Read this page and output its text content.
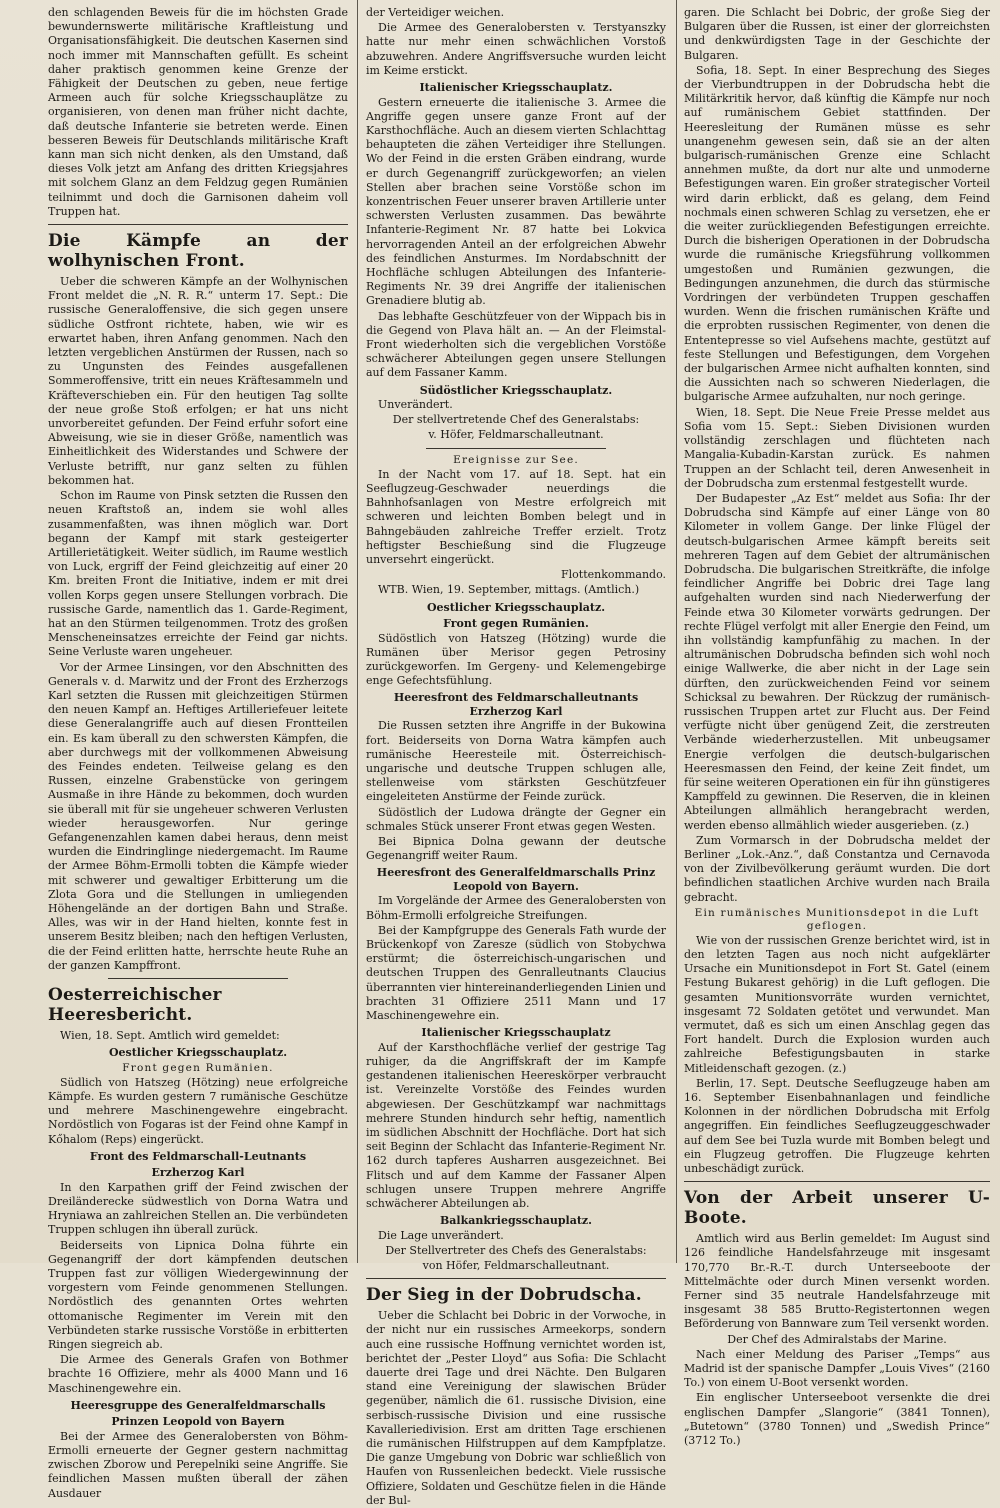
den schlagenden Beweis für die im höchsten Grade bewundernswerte militärische Kraftleistung und Organisationsfähigkeit. Die deutschen Kasernen sind noch immer mit Mannschaften gefüllt. Es scheint daher praktisch genommen keine Grenze der Fähigkeit der Deutschen zu geben, neue fertige Armeen auch für solche Kriegsschauplätze zu organisieren, von denen man früher nicht dachte, daß deutsche Infanterie sie betreten werde. Einen besseren Beweis für Deutschlands militärische Kraft kann man sich nicht denken, als den Umstand, daß dieses Volk jetzt am Anfang des dritten Kriegsjahres mit solchem Glanz an dem Feldzug gegen Rumänien teilnimmt und doch die Garnisonen daheim voll Truppen hat.

Die Kämpfe an der wolhynischen Front.

Ueber die schweren Kämpfe an der Wolhynischen Front meldet die „N. R. R.“ unterm 17. Sept.: Die russische Generaloffensive, die sich gegen unsere südliche Ostfront richtete, haben, wie wir es erwartet haben, ihren Anfang genommen. Nach den letzten vergeblichen Anstürmen der Russen, nach so zu Ungunsten des Feindes ausgefallenen Sommeroffensive, tritt ein neues Kräftesammeln und Kräfteverschieben ein. Für den heutigen Tag sollte der neue große Stoß erfolgen; er hat uns nicht unvorbereitet gefunden. Der Feind erfuhr sofort eine Abweisung, wie sie in dieser Größe, namentlich was Einheitlichkeit des Widerstandes und Schwere der Verluste betrifft, nur ganz selten zu fühlen bekommen hat.

Schon im Raume von Pinsk setzten die Russen den neuen Kraftstoß an, indem sie wohl alles zusammenfaßten, was ihnen möglich war. Dort begann der Kampf mit stark gesteigerter Artillerietätigkeit. Weiter südlich, im Raume westlich von Luck, ergriff der Feind gleichzeitig auf einer 20 Km. breiten Front die Initiative, indem er mit drei vollen Korps gegen unsere Stellungen vorbrach. Die russische Garde, namentlich das 1. Garde-Regiment, hat an den Stürmen teilgenommen. Trotz des großen Menscheneinsatzes erreichte der Feind gar nichts. Seine Verluste waren ungeheuer.

Vor der Armee Linsingen, vor den Abschnitten des Generals v. d. Marwitz und der Front des Erzherzogs Karl setzten die Russen mit gleichzeitigen Stürmen den neuen Kampf an. Heftiges Artilleriefeuer leitete diese Generalangriffe auch auf diesen Frontteilen ein. Es kam überall zu den schwersten Kämpfen, die aber durchwegs mit der vollkommenen Abweisung des Feindes endeten. Teilweise gelang es den Russen, einzelne Grabenstücke von geringem Ausmaße in ihre Hände zu bekommen, doch wurden sie überall mit für sie ungeheuer schweren Verlusten wieder herausgeworfen. Nur geringe Gefangenenzahlen kamen dabei heraus, denn meist wurden die Eindringlinge niedergemacht. Im Raume der Armee Böhm-Ermolli tobten die Kämpfe wieder mit schwerer und gewaltiger Erbitterung um die Zlota Gora und die Stellungen in umliegenden Höhengelände an der dortigen Bahn und Straße. Alles, was wir in der Hand hielten, konnte fest in unserem Besitz bleiben; nach den heftigen Verlusten, die der Feind erlitten hatte, herrschte heute Ruhe an der ganzen Kampffront.

Oesterreichischer Heeresbericht.

Wien, 18. Sept. Amtlich wird gemeldet:

Oestlicher Kriegsschauplatz.
Front gegen Rumänien.

Südlich von Hatszeg (Hötzing) neue erfolgreiche Kämpfe. Es wurden gestern 7 rumänische Geschütze und mehrere Maschinengewehre eingebracht. Nordöstlich von Fogaras ist der Feind ohne Kampf in Kőhalom (Reps) eingerückt.

Front des Feldmarschall-Leutnants
Erzherzog Karl

In den Karpathen griff der Feind zwischen der Dreiländerecke südwestlich von Dorna Watra und Hryniawa an zahlreichen Stellen an. Die verbündeten Truppen schlugen ihn überall zurück.

Beiderseits von Lipnica Dolna führte ein Gegenangriff der dort kämpfenden deutschen Truppen fast zur völligen Wiedergewinnung der vorgestern vom Feinde genommenen Stellungen. Nordöstlich des genannten Ortes wehrten ottomanische Regimenter im Verein mit den Verbündeten starke russische Vorstöße in erbitterten Ringen siegreich ab.

Die Armee des Generals Grafen von Bothmer brachte 16 Offiziere, mehr als 4000 Mann und 16 Maschinengewehre ein.

Heeresgruppe des Generalfeldmarschalls
Prinzen Leopold von Bayern

Bei der Armee des Generalobersten von Böhm-Ermolli erneuerte der Gegner gestern nachmittag zwischen Zborow und Perepelniki seine Angriffe. Sie feindlichen Massen mußten überall der zähen Ausdauer

der Verteidiger weichen.

Die Armee des Generalobersten v. Terstyanszky hatte nur mehr einen schwächlichen Vorstoß abzuwehren. Andere Angriffsversuche wurden leicht im Keime erstickt.

Italienischer Kriegsschauplatz.

Gestern erneuerte die italienische 3. Armee die Angriffe gegen unsere ganze Front auf der Karsthochfläche. Auch an diesem vierten Schlachttag behaupteten die zähen Verteidiger ihre Stellungen. Wo der Feind in die ersten Gräben eindrang, wurde er durch Gegenangriff zurückgeworfen; an vielen Stellen aber brachen seine Vorstöße schon im konzentrischen Feuer unserer braven Artillerie unter schwersten Verlusten zusammen. Das bewährte Infanterie-Regiment Nr. 87 hatte bei Lokvica hervorragenden Anteil an der erfolgreichen Abwehr des feindlichen Ansturmes. Im Nordabschnitt der Hochfläche schlugen Abteilungen des Infanterie-Regiments Nr. 39 drei Angriffe der italienischen Grenadiere blutig ab.

Das lebhafte Geschützfeuer von der Wippach bis in die Gegend von Plava hält an. — An der Fleimstal-Front wiederholten sich die vergeblichen Vorstöße schwächerer Abteilungen gegen unsere Stellungen auf dem Fassaner Kamm.

Südöstlicher Kriegsschauplatz.

Unverändert.

Der stellvertretende Chef des Generalstabs:

v. Höfer, Feldmarschalleutnant.

Ereignisse zur See.

In der Nacht vom 17. auf 18. Sept. hat ein Seeflugzeug-Geschwader neuerdings die Bahnhofsanlagen von Mestre erfolgreich mit schweren und leichten Bomben belegt und in Bahngebäuden zahlreiche Treffer erzielt. Trotz heftigster Beschießung sind die Flugzeuge unversehrt eingerückt.

Flottenkommando.

WTB. Wien, 19. September, mittags. (Amtlich.)

Oestlicher Kriegsschauplatz.
Front gegen Rumänien.

Südöstlich von Hatszeg (Hötzing) wurde die Rumänen über Merisor gegen Petrosiny zurückgeworfen. Im Gergeny- und Kelemengebirge enge Gefechtsfühlung.

Heeresfront des Feldmarschalleutnants Erzherzog Karl

Die Russen setzten ihre Angriffe in der Bukowina fort. Beiderseits von Dorna Watra kämpfen auch rumänische Heeresteile mit. Österreichisch-ungarische und deutsche Truppen schlugen alle, stellenweise vom stärksten Geschützfeuer eingeleiteten Anstürme der Feinde zurück.

Südöstlich der Ludowa drängte der Gegner ein schmales Stück unserer Front etwas gegen Westen.

Bei Bipnica Dolna gewann der deutsche Gegenangriff weiter Raum.

Heeresfront des Generalfeldmarschalls Prinz Leopold von Bayern.

Im Vorgelände der Armee des Generalobersten von Böhm-Ermolli erfolgreiche Streifungen.

Bei der Kampfgruppe des Generals Fath wurde der Brückenkopf von Zaresze (südlich von Stobychwa erstürmt; die österreichisch-ungarischen und deutschen Truppen des Genralleutnants Claucius überrannten vier hintereinanderliegenden Linien und brachten 31 Offiziere 2511 Mann und 17 Maschinengewehre ein.

Italienischer Kriegsschauplatz

Auf der Karsthochfläche verlief der gestrige Tag ruhiger, da die Angriffskraft der im Kampfe gestandenen italienischen Heereskörper verbraucht ist. Vereinzelte Vorstöße des Feindes wurden abgewiesen. Der Geschützkampf war nachmittags mehrere Stunden hindurch sehr heftig, namentlich im südlichen Abschnitt der Hochfläche. Dort hat sich seit Beginn der Schlacht das Infanterie-Regiment Nr. 162 durch tapferes Ausharren ausgezeichnet. Bei Flitsch und auf dem Kamme der Fassaner Alpen schlugen unsere Truppen mehrere Angriffe schwächerer Abteilungen ab.

Balkankriegsschauplatz.

Die Lage unverändert.

Der Stellvertreter des Chefs des Generalstabs:

von Höfer, Feldmarschalleutnant.

Der Sieg in der Dobrudscha.

Ueber die Schlacht bei Dobric in der Vorwoche, in der nicht nur ein russisches Armeekorps, sondern auch eine russische Hoffnung vernichtet worden ist, berichtet der „Pester Lloyd“ aus Sofia: Die Schlacht dauerte drei Tage und drei Nächte. Den Bulgaren stand eine Vereinigung der slawischen Brüder gegenüber, nämlich die 61. russische Division, eine serbisch-russische Division und eine russische Kavalleriedivision. Erst am dritten Tage erschienen die rumänischen Hilfstruppen auf dem Kampfplatze. Die ganze Umgebung von Dobric war schließlich von Haufen von Russenleichen bedeckt. Viele russische Offiziere, Soldaten und Geschütze fielen in die Hände der Bul-

garen. Die Schlacht bei Dobric, der große Sieg der Bulgaren über die Russen, ist einer der glorreichsten und denkwürdigsten Tage in der Geschichte der Bulgaren.

Sofia, 18. Sept. In einer Besprechung des Sieges der Vierbundtruppen in der Dobrudscha hebt die Militärkritik hervor, daß künftig die Kämpfe nur noch auf rumänischem Gebiet stattfinden. Der Heeresleitung der Rumänen müsse es sehr unangenehm gewesen sein, daß sie an der alten bulgarisch-rumänischen Grenze eine Schlacht annehmen mußte, da dort nur alte und unmoderne Befestigungen waren. Ein großer strategischer Vorteil wird darin erblickt, daß es gelang, dem Feind nochmals einen schweren Schlag zu versetzen, ehe er die weiter zurückliegenden Befestigungen erreichte. Durch die bisherigen Operationen in der Dobrudscha wurde die rumänische Kriegsführung vollkommen umgestoßen und Rumänien gezwungen, die Bedingungen anzunehmen, die durch das stürmische Vordringen der verbündeten Truppen geschaffen wurden. Wenn die frischen rumänischen Kräfte und die erprobten russischen Regimenter, von denen die Ententepresse so viel Aufsehens machte, gestützt auf feste Stellungen und Befestigungen, dem Vorgehen der bulgarischen Armee nicht aufhalten konnten, sind die Aussichten nach so schweren Niederlagen, die bulgarische Armee aufzuhalten, nur noch geringe.

Wien, 18. Sept. Die Neue Freie Presse meldet aus Sofia vom 15. Sept.: Sieben Divisionen wurden vollständig zerschlagen und flüchteten nach Mangalia-Kubadin-Karstan zurück. Es nahmen Truppen an der Schlacht teil, deren Anwesenheit in der Dobrudscha zum erstenmal festgestellt wurde.

Der Budapester „Az Est“ meldet aus Sofia: Ihr der Dobrudscha sind Kämpfe auf einer Länge von 80 Kilometer in vollem Gange. Der linke Flügel der deutsch-bulgarischen Armee kämpft bereits seit mehreren Tagen auf dem Gebiet der altrumänischen Dobrudscha. Die bulgarischen Streitkräfte, die infolge feindlicher Angriffe bei Dobric drei Tage lang aufgehalten wurden sind nach Niederwerfung der Feinde etwa 30 Kilometer vorwärts gedrungen. Der rechte Flügel verfolgt mit aller Energie den Feind, um ihn vollständig kampfunfähig zu machen. In der altrumänischen Dobrudscha befinden sich wohl noch einige Wallwerke, die aber nicht in der Lage sein dürften, den zurückweichenden Feind vor seinem Schicksal zu bewahren. Der Rückzug der rumänisch-russischen Truppen artet zur Flucht aus. Der Feind verfügte nicht über genügend Zeit, die zerstreuten Verbände wiederherzustellen. Mit unbeugsamer Energie verfolgen die deutsch-bulgarischen Heeresmassen den Feind, der keine Zeit findet, um für seine weiteren Operationen ein für ihn günstigeres Kampffeld zu gewinnen. Die Reserven, die in kleinen Abteilungen allmählich herangebracht werden, werden ebenso allmählich wieder ausgerieben. (z.)

Zum Vormarsch in der Dobrudscha meldet der Berliner „Lok.-Anz.“, daß Constantza und Cernavoda von der Zivilbevölkerung geräumt wurden. Die dort befindlichen staatlichen Archive wurden nach Braila gebracht.

Ein rumänisches Munitionsdepot in die Luft geflogen.

Wie von der russischen Grenze berichtet wird, ist in den letzten Tagen aus noch nicht aufgeklärter Ursache ein Munitionsdepot in Fort St. Gatel (einem Festung Bukarest gehörig) in die Luft geflogen. Die gesamten Munitionsvorräte wurden vernichtet, insgesamt 72 Soldaten getötet und verwundet. Man vermutet, daß es sich um einen Anschlag gegen das Fort handelt. Durch die Explosion wurden auch zahlreiche Befestigungsbauten in starke Mitleidenschaft gezogen. (z.)

Berlin, 17. Sept. Deutsche Seeflugzeuge haben am 16. September Eisenbahnanlagen und feindliche Kolonnen in der nördlichen Dobrudscha mit Erfolg angegriffen. Ein feindliches Seeflugzeuggeschwader auf dem See bei Tuzla wurde mit Bomben belegt und ein Flugzeug getroffen. Die Flugzeuge kehrten unbeschädigt zurück.

Von der Arbeit unserer U-Boote.

Amtlich wird aus Berlin gemeldet: Im August sind 126 feindliche Handelsfahrzeuge mit insgesamt 170,770 Br.-R.-T. durch Unterseeboote der Mittelmächte oder durch Minen versenkt worden. Ferner sind 35 neutrale Handelsfahrzeuge mit insgesamt 38 585 Brutto-Registertonnen wegen Beförderung von Bannware zum Teil versenkt worden.

Der Chef des Admiralstabs der Marine.

Nach einer Meldung des Pariser „Temps“ aus Madrid ist der spanische Dampfer „Louis Vives“ (2160 To.) von einem U-Boot versenkt worden.

Ein englischer Unterseeboot versenkte die drei englischen Dampfer „Slangorie“ (3841 Tonnen), „Butetown“ (3780 Tonnen) und „Swedish Prince“ (3712 To.)
